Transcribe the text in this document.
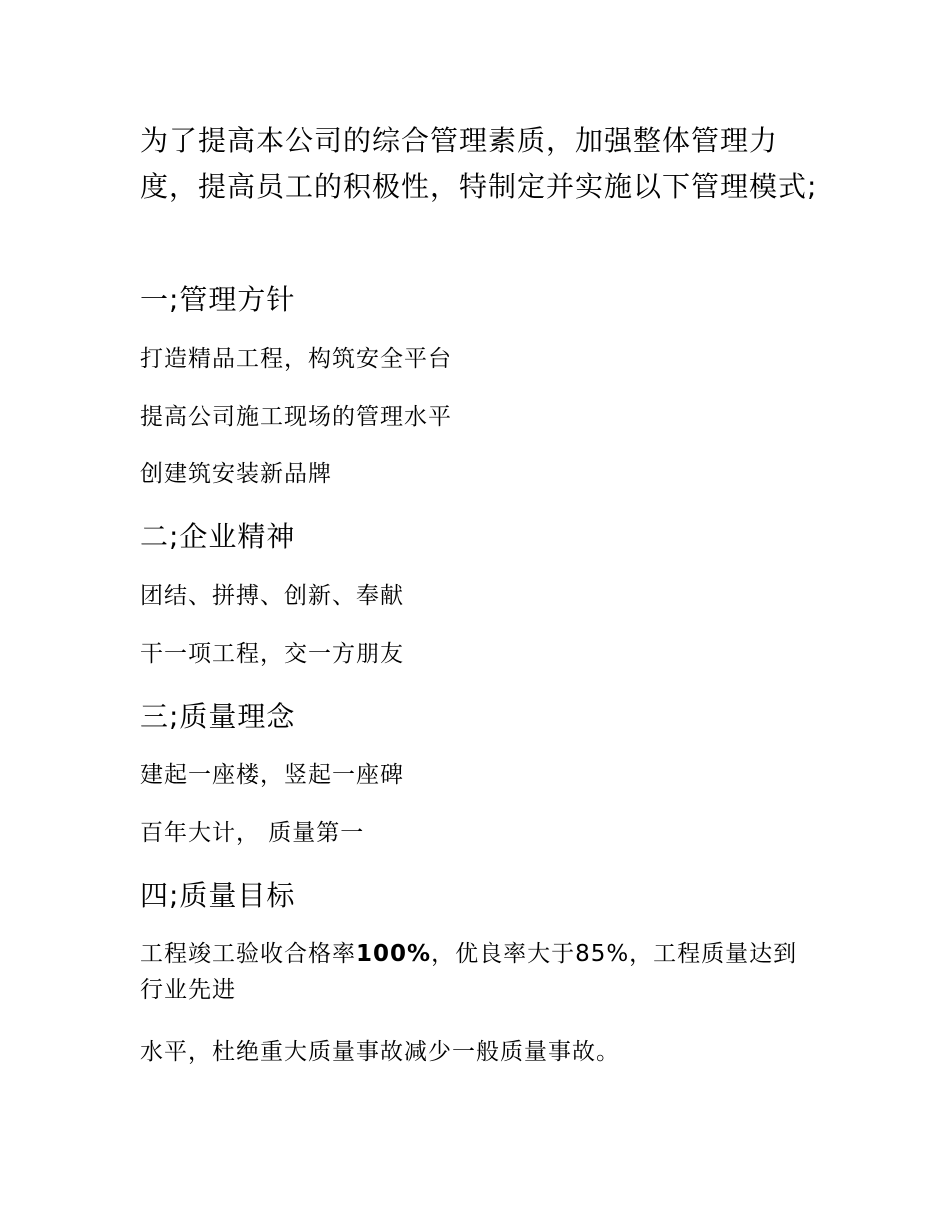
为了提高本公司的综合管理素质，加强整体管理力度，提高员工的积极性，特制定并实施以下管理模式;

一;管理方针

打造精品工程，构筑安全平台

提高公司施工现场的管理水平

创建筑安装新品牌

二;企业精神

团结、拼搏、创新、奉献

干一项工程，交一方朋友

三;质量理念

建起一座楼，竖起一座碑

百年大计， 质量第一

四;质量目标

工程竣工验收合格率100%，优良率大于85%，工程质量达到行业先进

水平，杜绝重大质量事故减少一般质量事故。
